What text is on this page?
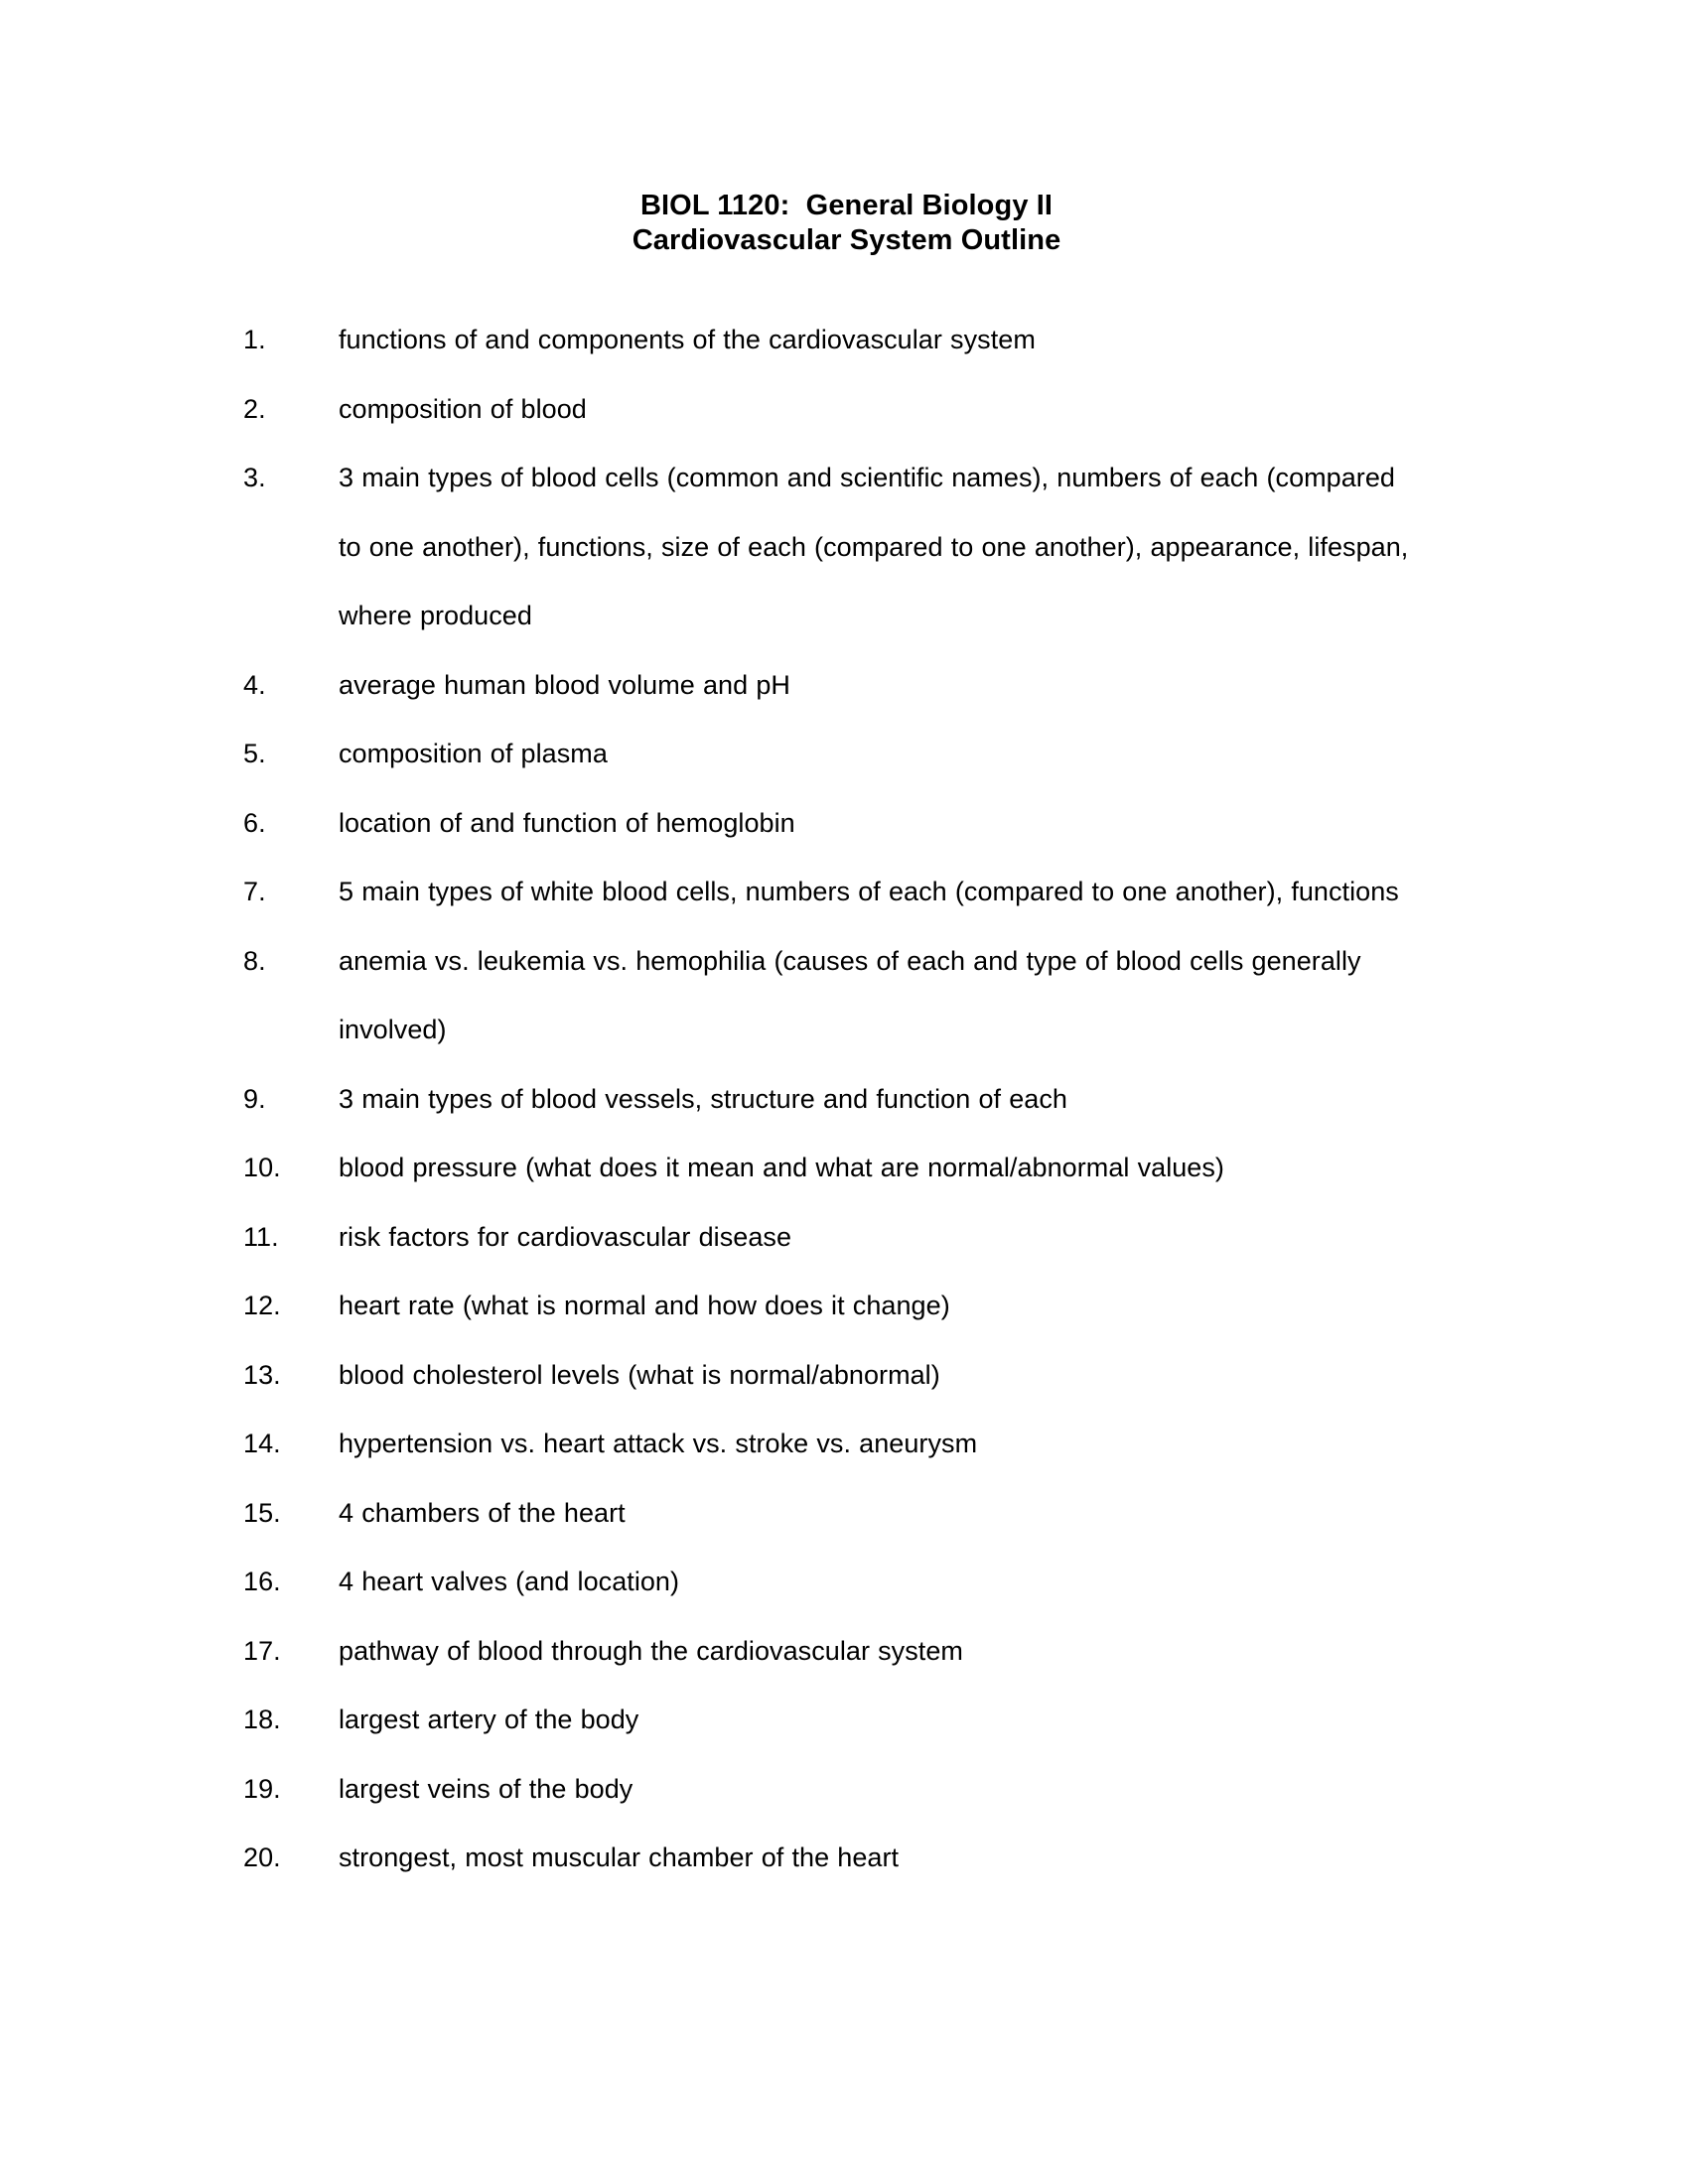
BIOL 1120:  General Biology II
Cardiovascular System Outline
1.	functions of and components of the cardiovascular system
2.	composition of blood
3.	3 main types of blood cells (common and scientific names), numbers of each (compared to one another), functions, size of each (compared to one another), appearance, lifespan, where produced
4.	average human blood volume and pH
5.	composition of plasma
6.	location of and function of hemoglobin
7.	5 main types of white blood cells, numbers of each (compared to one another), functions
8.	anemia vs. leukemia vs. hemophilia (causes of each and type of blood cells generally involved)
9.	3 main types of blood vessels, structure and function of each
10.	blood pressure (what does it mean and what are normal/abnormal values)
11.	risk factors for cardiovascular disease
12.	heart rate (what is normal and how does it change)
13.	blood cholesterol levels (what is normal/abnormal)
14.	hypertension vs. heart attack vs. stroke vs. aneurysm
15.	4 chambers of the heart
16.	4 heart valves (and location)
17.	pathway of blood through the cardiovascular system
18.	largest artery of the body
19.	largest veins of the body
20.	strongest, most muscular chamber of the heart
